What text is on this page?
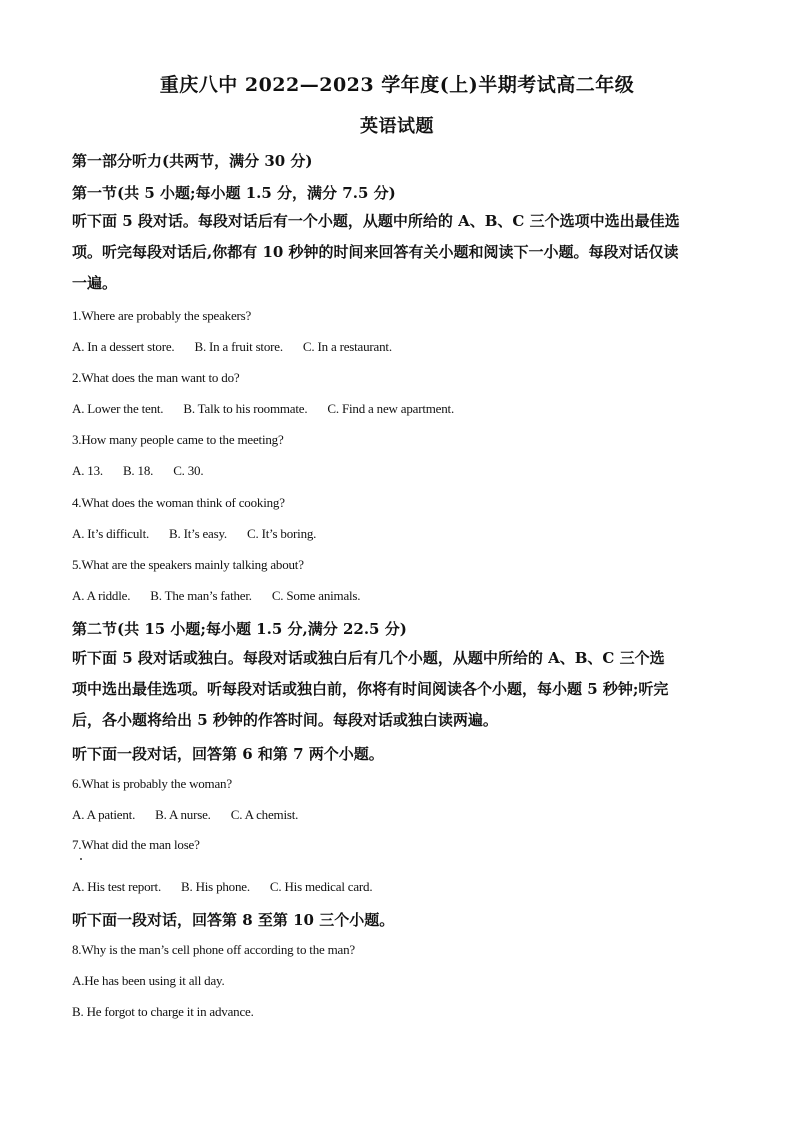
重庆八中 2022—2023 学年度(上)半期考试高二年级
英语试题
第一部分听力(共两节，满分 30 分)
第一节(共 5 小题;每小题 1.5 分，满分 7.5 分)
听下面 5 段对话。每段对话后有一个小题，从题中所给的 A、B、C 三个选项中选出最佳选
项。听完每段对话后,你都有 10 秒钟的时间来回答有关小题和阅读下一小题。每段对话仅读
一遍。
1.Where are probably the speakers?
A. In a dessert store. B. In a fruit store. C. In a restaurant.
2.What does the man want to do?
A. Lower the tent. B. Talk to his roommate. C. Find a new apartment.
3.How many people came to the meeting?
A. 13. B. 18. C. 30.
4.What does the woman think of cooking?
A. It’s difficult. B. It’s easy. C. It’s boring.
5.What are the speakers mainly talking about?
A. A riddle. B. The man’s father. C. Some animals.
第二节(共 15 小题;每小题 1.5 分,满分 22.5 分)
听下面 5 段对话或独白。每段对话或独白后有几个小题，从题中所给的 A、B、C 三个选
项中选出最佳选项。听每段对话或独白前，你将有时间阅读各个小题，每小题 5 秒钟;听完
后，各小题将给出 5 秒钟的作答时间。每段对话或独白读两遍。
听下面一段对话，回答第 6 和第 7 两个小题。
6.What is probably the woman?
A. A patient. B. A nurse. C. A chemist.
7.What did the man lose?
A. His test report. B. His phone. C. His medical card.
听下面一段对话，回答第 8 至第 10 三个小题。
8.Why is the man’s cell phone off according to the man?
A.He has been using it all day.
B. He forgot to charge it in advance.
